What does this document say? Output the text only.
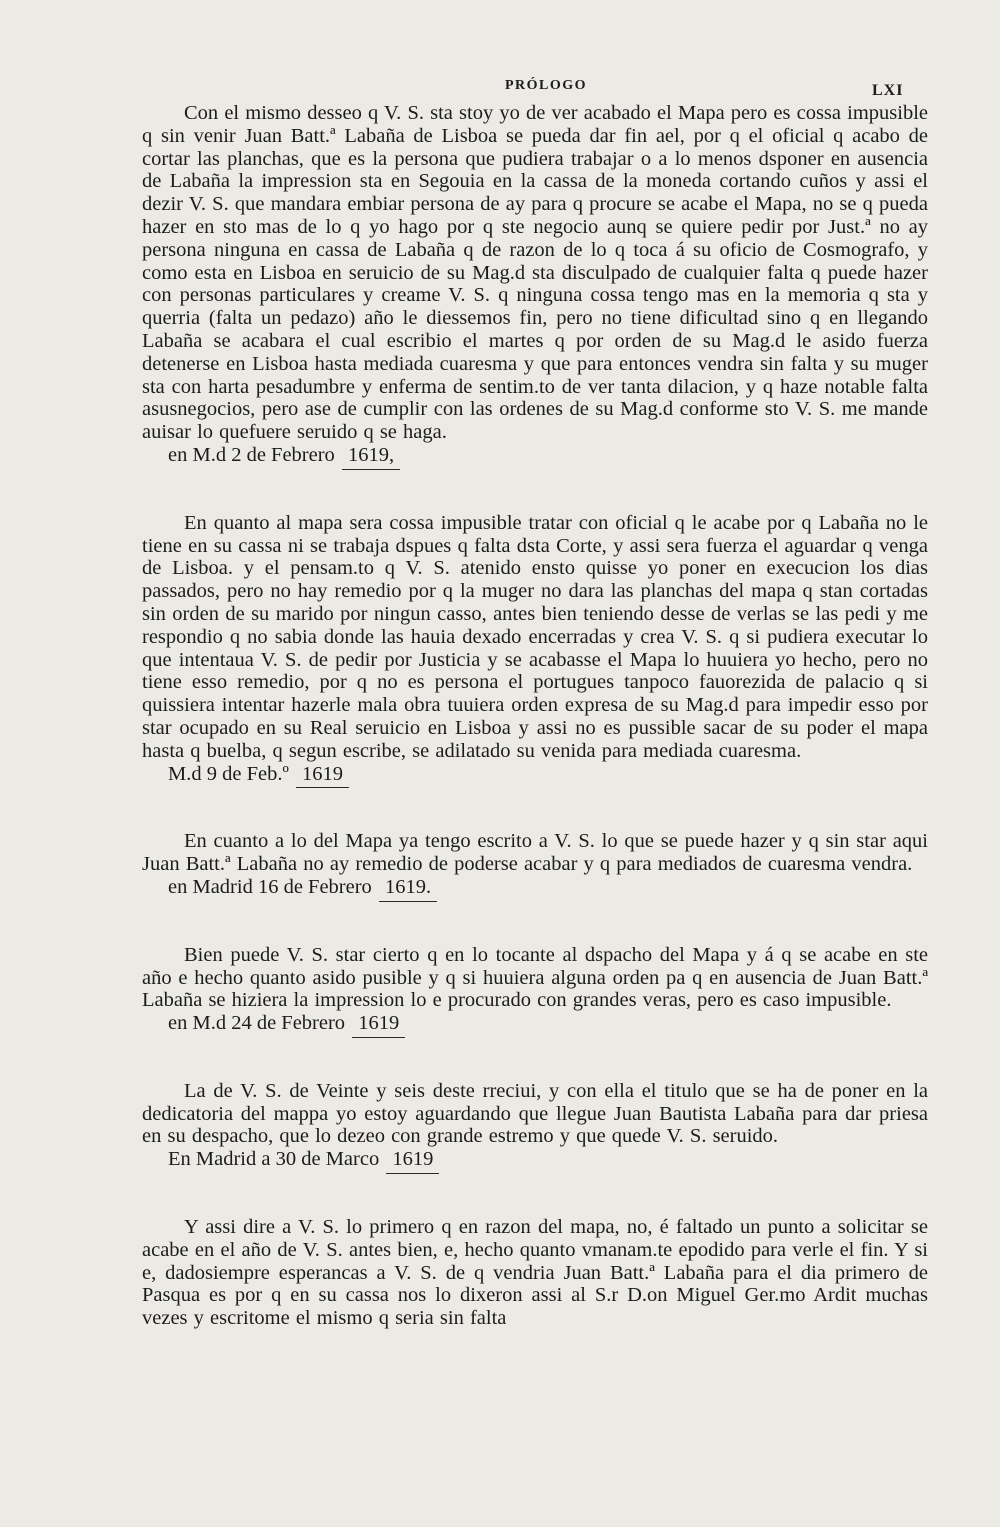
PRÓLOGO	LXI

Con el mismo desseo q V. S. sta stoy yo de ver acabado el Mapa pero es cossa impusible q sin venir Juan Batt.ª Labaña de Lisboa se pueda dar fin ael, por q el oficial q acabo de cortar las planchas, que es la persona que pudiera trabajar o a lo menos dsponer en ausencia de Labaña la impression sta en Segouia en la cassa de la moneda cortando cuños y assi el dezir V. S. que mandara embiar persona de ay para q procure se acabe el Mapa, no se q pueda hazer en sto mas de lo q yo hago por q ste negocio aunq se quiere pedir por Just.ª no ay persona ninguna en cassa de Labaña q de razon de lo q toca á su oficio de Cosmografo, y como esta en Lisboa en seruicio de su Mag.d sta disculpado de cualquier falta q puede hazer con personas particulares y creame V. S. q ninguna cossa tengo mas en la memoria q sta y querria (falta un pedazo) año le diessemos fin, pero no tiene dificultad sino q en llegando Labaña se acabara el cual escribio el martes q por orden de su Mag.d le asido fuerza detenerse en Lisboa hasta mediada cuaresma y que para entonces vendra sin falta y su muger sta con harta pesadumbre y enferma de sentim.to de ver tanta dilacion, y q haze notable falta asusnegocios, pero ase de cumplir con las ordenes de su Mag.d conforme sto V. S. me mande auisar lo quefuere seruido q se haga.

en M.d 2 de Febrero 1619,

En quanto al mapa sera cossa impusible tratar con oficial q le acabe por q Labaña no le tiene en su cassa ni se trabaja dspues q falta dsta Corte, y assi sera fuerza el aguardar q venga de Lisboa. y el pensam.to q V. S. atenido ensto quisse yo poner en execucion los dias passados, pero no hay remedio por q la muger no dara las planchas del mapa q stan cortadas sin orden de su marido por ningun casso, antes bien teniendo desse de verlas se las pedi y me respondio q no sabia donde las hauia dexado encerradas y crea V. S. q si pudiera executar lo que intentaua V. S. de pedir por Justicia y se acabasse el Mapa lo huuiera yo hecho, pero no tiene esso remedio, por q no es persona el portugues tanpoco fauorezida de palacio q si quissiera intentar hazerle mala obra tuuiera orden expresa de su Mag.d para impedir esso por star ocupado en su Real seruicio en Lisboa y assi no es pussible sacar de su poder el mapa hasta q buelba, q segun escribe, se adilatado su venida para mediada cuaresma.

M.d 9 de Feb.º 1619

En cuanto a lo del Mapa ya tengo escrito a V. S. lo que se puede hazer y q sin star aqui Juan Batt.ª Labaña no ay remedio de poderse acabar y q para mediados de cuaresma vendra.

en Madrid 16 de Febrero 1619.

Bien puede V. S. star cierto q en lo tocante al dspacho del Mapa y á q se acabe en ste año e hecho quanto asido pusible y q si huuiera alguna orden pa q en ausencia de Juan Batt.ª Labaña se hiziera la impression lo e procurado con grandes veras, pero es caso impusible.

en M.d 24 de Febrero 1619

La de V. S. de Veinte y seis deste rreciui, y con ella el titulo que se ha de poner en la dedicatoria del mappa yo estoy aguardando que llegue Juan Bautista Labaña para dar priesa en su despacho, que lo dezeo con grande estremo y que quede V. S. seruido.

En Madrid a 30 de Marco 1619

Y assi dire a V. S. lo primero q en razon del mapa, no, é faltado un punto a solicitar se acabe en el año de V. S. antes bien, e, hecho quanto vmanam.te epodido para verle el fin. Y si e, dadosiempre esperancas a V. S. de q vendria Juan Batt.ª Labaña para el dia primero de Pasqua es por q en su cassa nos lo dixeron assi al S.r D.on Miguel Ger.mo Ardit muchas vezes y escritome el mismo q seria sin falta
